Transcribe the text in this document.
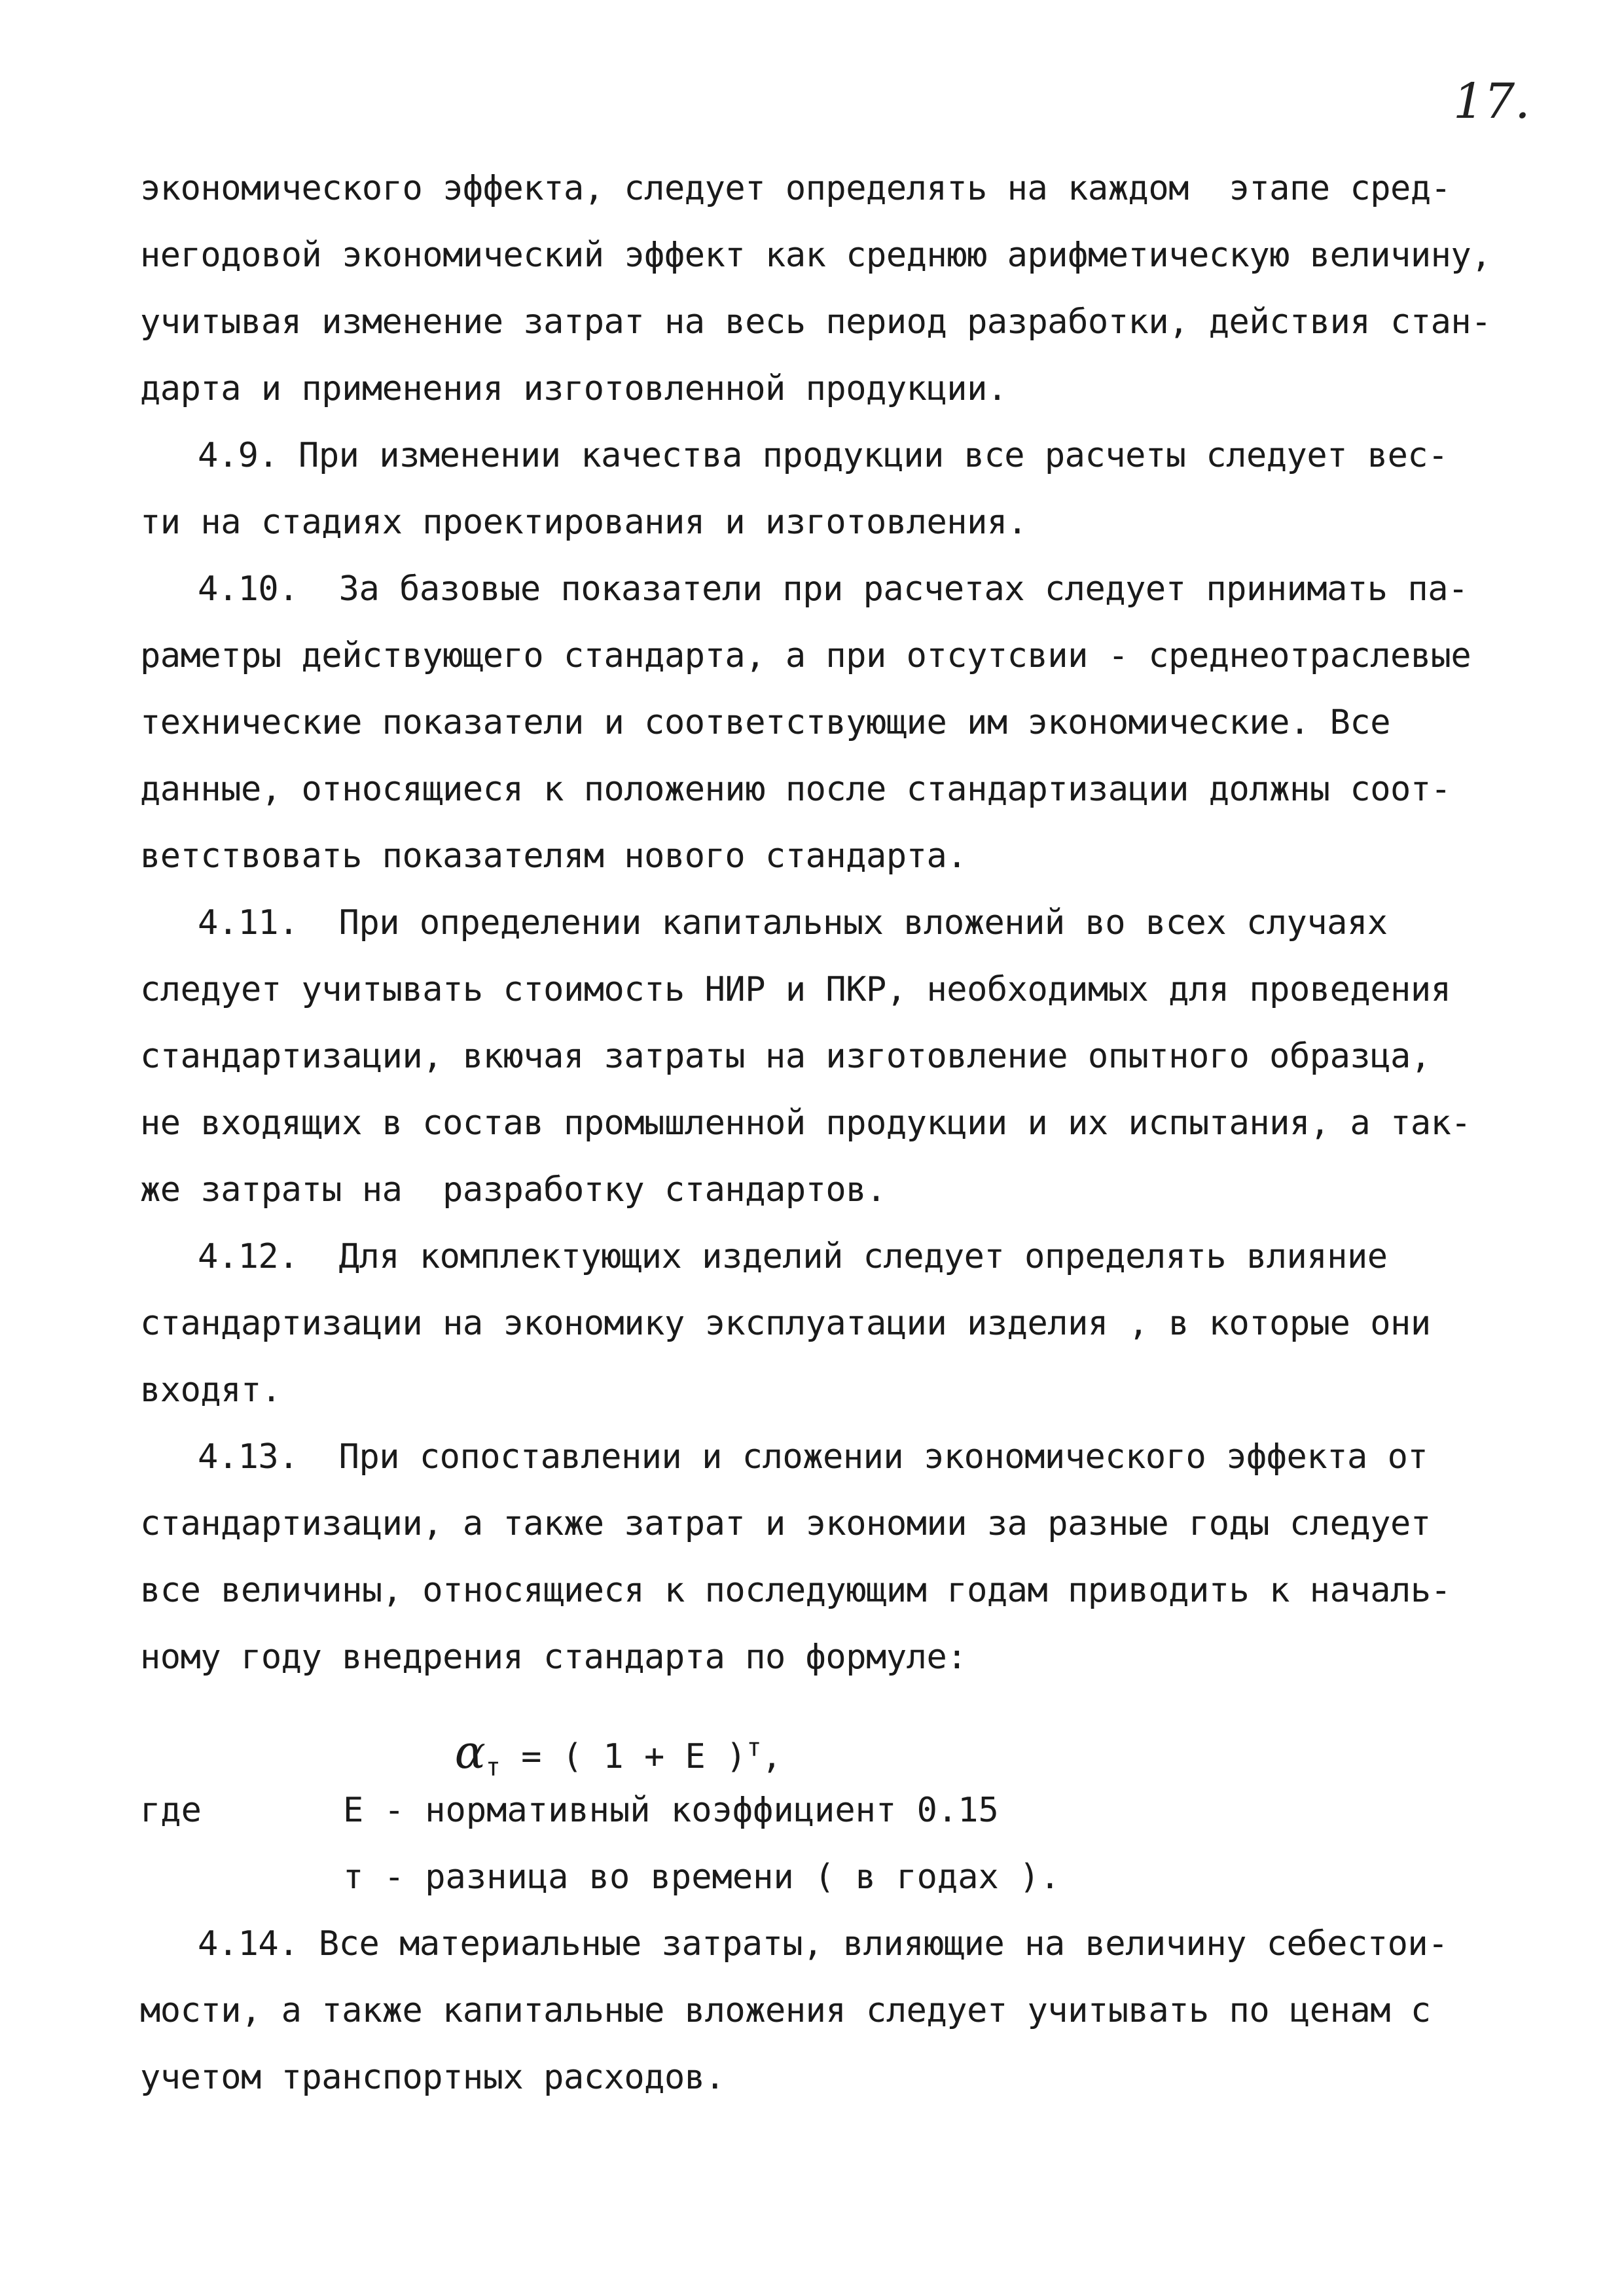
17.
экономического эффекта, следует определять на каждом  этапе сред-
негодовой экономический эффект как среднюю арифметическую величину,
учитывая изменение затрат на весь период разработки, действия стан-
дарта и применения изготовленной продукции.
4.9. При изменении качества продукции все расчеты следует вес-
ти на стадиях проектирования и изготовления.
4.10.  За базовые показатели при расчетах следует принимать па-
раметры действующего стандарта, а при отсутсвии - среднеотраслевые
технические показатели и соответствующие им экономические. Все
данные, относящиеся к положению после стандартизации должны соот-
ветствовать показателям нового стандарта.
4.11.  При определении капитальных вложений во всех случаях
следует учитывать стоимость НИР и ПКР, необходимых для проведения
стандартизации, вкючая затраты на изготовление опытного образца,
не входящих в состав промышленной продукции и их испытания, а так-
же затраты на  разработку стандартов.
4.12.  Для комплектующих изделий следует определять влияние
стандартизации на экономику эксплуатации изделия , в которые они
входят.
4.13.  При сопоставлении и сложении экономического эффекта от
стандартизации, а также затрат и экономии за разные годы следует
все величины, относящиеся к последующим годам приводить к началь-
ному году внедрения стандарта по формуле:

$\alpha_т$ = ( 1 + Е )$^т$,

где	Е - нормативный коэффициент 0.15
т - разница во времени ( в годах ).
4.14. Все материальные затраты, влияющие на величину себестои-
мости, а также капитальные вложения следует учитывать по ценам с
учетом транспортных расходов.
